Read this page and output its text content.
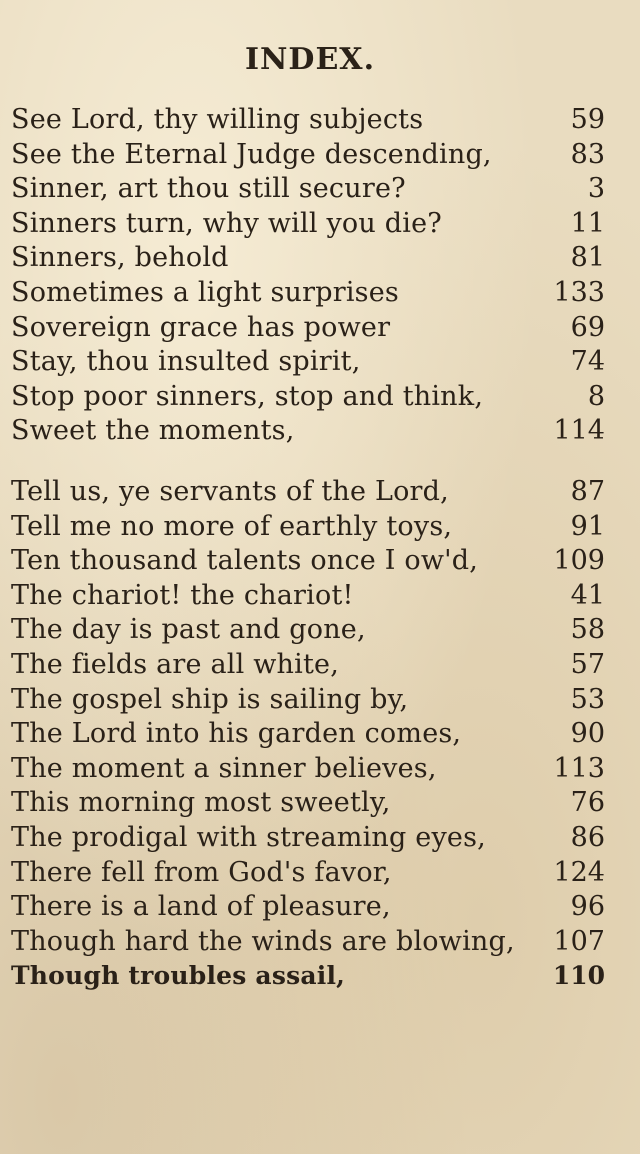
INDEX.
See Lord, thy willing subjects	59
See the Eternal Judge descending,	83
Sinner, art thou still secure?	3
Sinners turn, why will you die?	11
Sinners, behold	81
Sometimes a light surprises	133
Sovereign grace has power	69
Stay, thou insulted spirit,	74
Stop poor sinners, stop and think,	8
Sweet the moments,	114
Tell us, ye servants of the Lord,	87
Tell me no more of earthly toys,	91
Ten thousand talents once I ow'd,	109
The chariot! the chariot!	41
The day is past and gone,	58
The fields are all white,	57
The gospel ship is sailing by,	53
The Lord into his garden comes,	90
The moment a sinner believes,	113
This morning most sweetly,	76
The prodigal with streaming eyes,	86
There fell from God's favor,	124
There is a land of pleasure,	96
Though hard the winds are blowing,	107
Though troubles assail,	110
